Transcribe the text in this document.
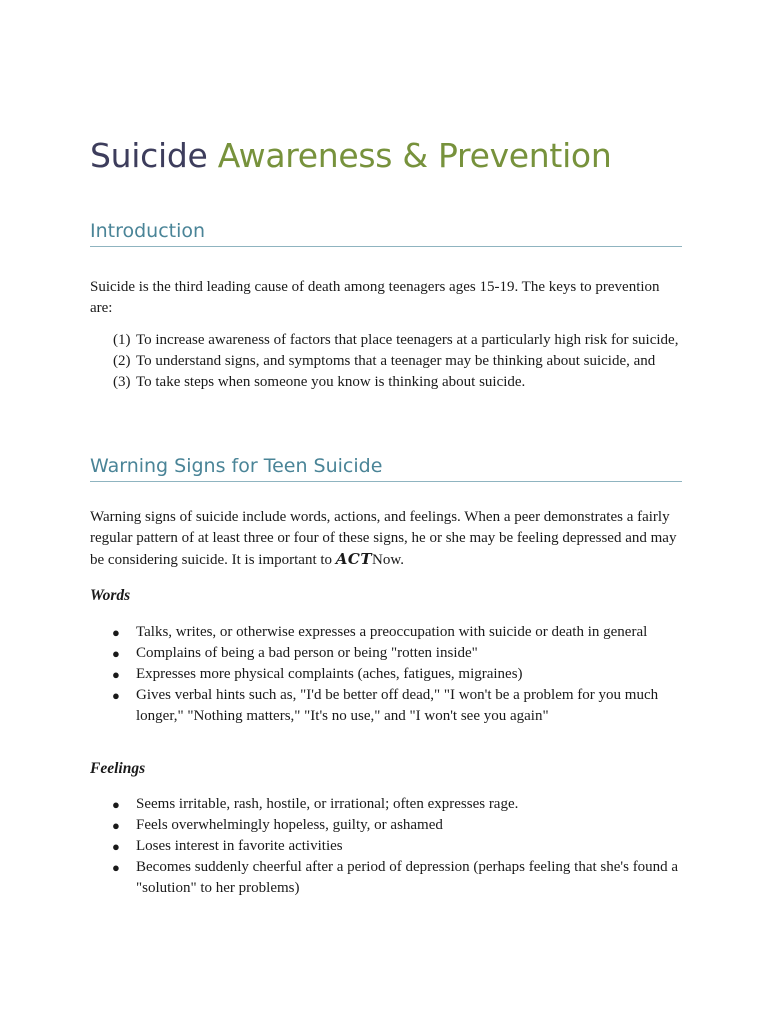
Suicide Awareness & Prevention
Introduction

Suicide is the third leading cause of death among teenagers ages 15-19. The keys to prevention are:

(1) To increase awareness of factors that place teenagers at a particularly high risk for suicide,
(2) To understand signs, and symptoms that a teenager may be thinking about suicide, and
(3) To take steps when someone you know is thinking about suicide.
Warning Signs for Teen Suicide

Warning signs of suicide include words, actions, and feelings. When a peer demonstrates a fairly regular pattern of at least three or four of these signs, he or she may be feeling depressed and may be considering suicide. It is important to ACTNow.

Words

● Talks, writes, or otherwise expresses a preoccupation with suicide or death in general
● Complains of being a bad person or being "rotten inside"
● Expresses more physical complaints (aches, fatigues, migraines)
● Gives verbal hints such as, "I'd be better off dead," "I won't be a problem for you much longer," "Nothing matters," "It's no use," and "I won't see you again"

Feelings

● Seems irritable, rash, hostile, or irrational; often expresses rage.
● Feels overwhelmingly hopeless, guilty, or ashamed
● Loses interest in favorite activities
● Becomes suddenly cheerful after a period of depression (perhaps feeling that she's found a "solution" to her problems)
